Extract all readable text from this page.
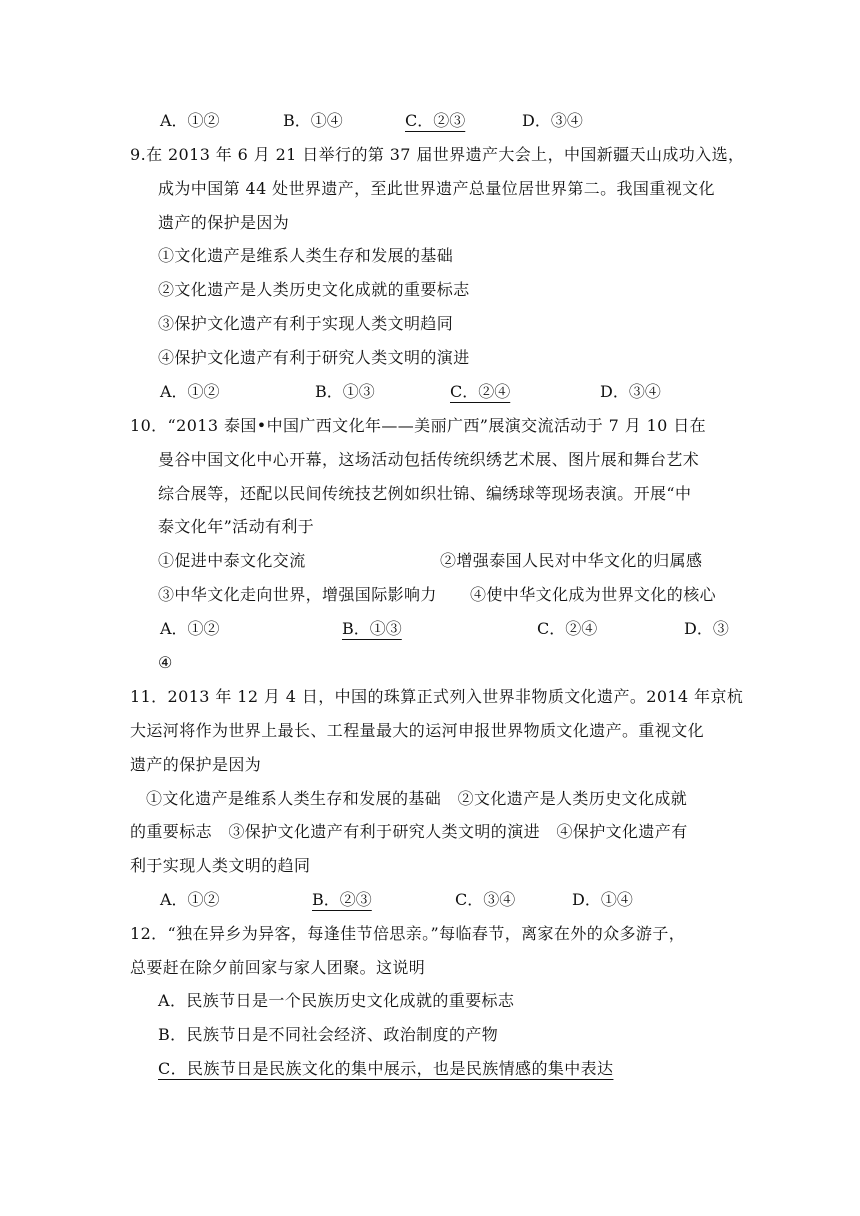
A．①②	B．①④	C．②③	D．③④
9.在 2013 年 6 月 21 日举行的第 37 届世界遗产大会上，中国新疆天山成功入选，
成为中国第 44 处世界遗产，至此世界遗产总量位居世界第二。我国重视文化
遗产的保护是因为
①文化遗产是维系人类生存和发展的基础
②文化遗产是人类历史文化成就的重要标志
③保护文化遗产有利于实现人类文明趋同
④保护文化遗产有利于研究人类文明的演进
A．①②	B．①③	C．②④	D．③④
10．“2013 泰国•中国广西文化年——美丽广西”展演交流活动于 7 月 10 日在
曼谷中国文化中心开幕，这场活动包括传统织绣艺术展、图片展和舞台艺术
综合展等，还配以民间传统技艺例如织壮锦、编绣球等现场表演。开展“中
泰文化年”活动有利于
①促进中泰文化交流	②增强泰国人民对中华文化的归属感
③中华文化走向世界，增强国际影响力 ④使中华文化成为世界文化的核心
A．①②	B．①③	C．②④	D．③
④
11．2013 年 12 月 4 日，中国的珠算正式列入世界非物质文化遗产。2014 年京杭
大运河将作为世界上最长、工程量最大的运河申报世界物质文化遗产。重视文化
遗产的保护是因为
①文化遗产是维系人类生存和发展的基础　②文化遗产是人类历史文化成就
的重要标志　③保护文化遗产有利于研究人类文明的演进　④保护文化遗产有
利于实现人类文明的趋同
A．①②	B．②③	C．③④	D．①④
12．“独在异乡为异客，每逢佳节倍思亲。”每临春节，离家在外的众多游子，
总要赶在除夕前回家与家人团聚。这说明
A．民族节日是一个民族历史文化成就的重要标志
B．民族节日是不同社会经济、政治制度的产物
C．民族节日是民族文化的集中展示，也是民族情感的集中表达
